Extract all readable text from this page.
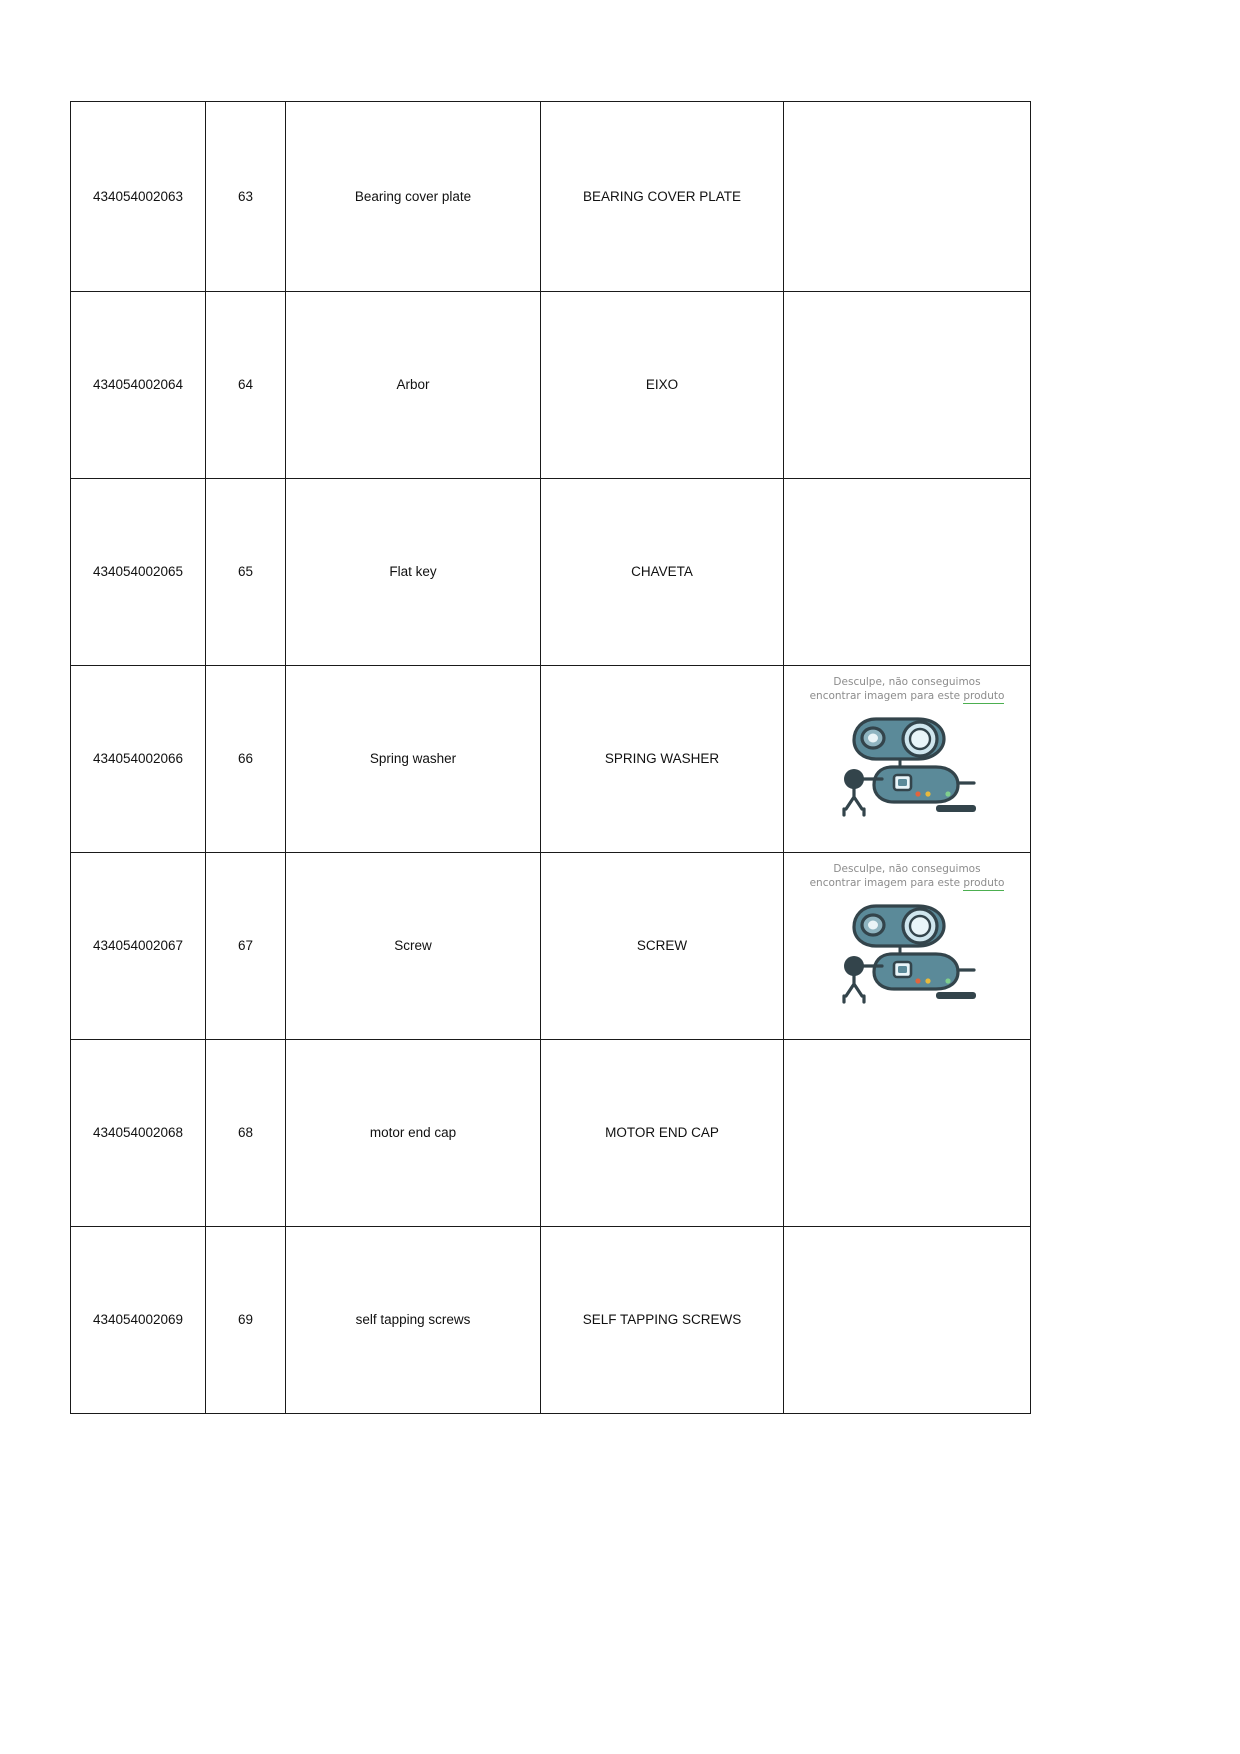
434054002063	63	Bearing cover plate	BEARING COVER PLATE	
MTV2-735

434054002064	64	Arbor	EIXO	

434054002065	65	Flat key	CHAVETA	

434054002066	66	Spring washer	SPRING WASHER	Desculpe, não conseguimos
encontrar imagem para este produto

434054002067	67	Screw	SCREW	Desculpe, não conseguimos
encontrar imagem para este produto

434054002068	68	motor end cap	MOTOR END CAP	

434054002069	69	self tapping screws	SELF TAPPING SCREWS	
